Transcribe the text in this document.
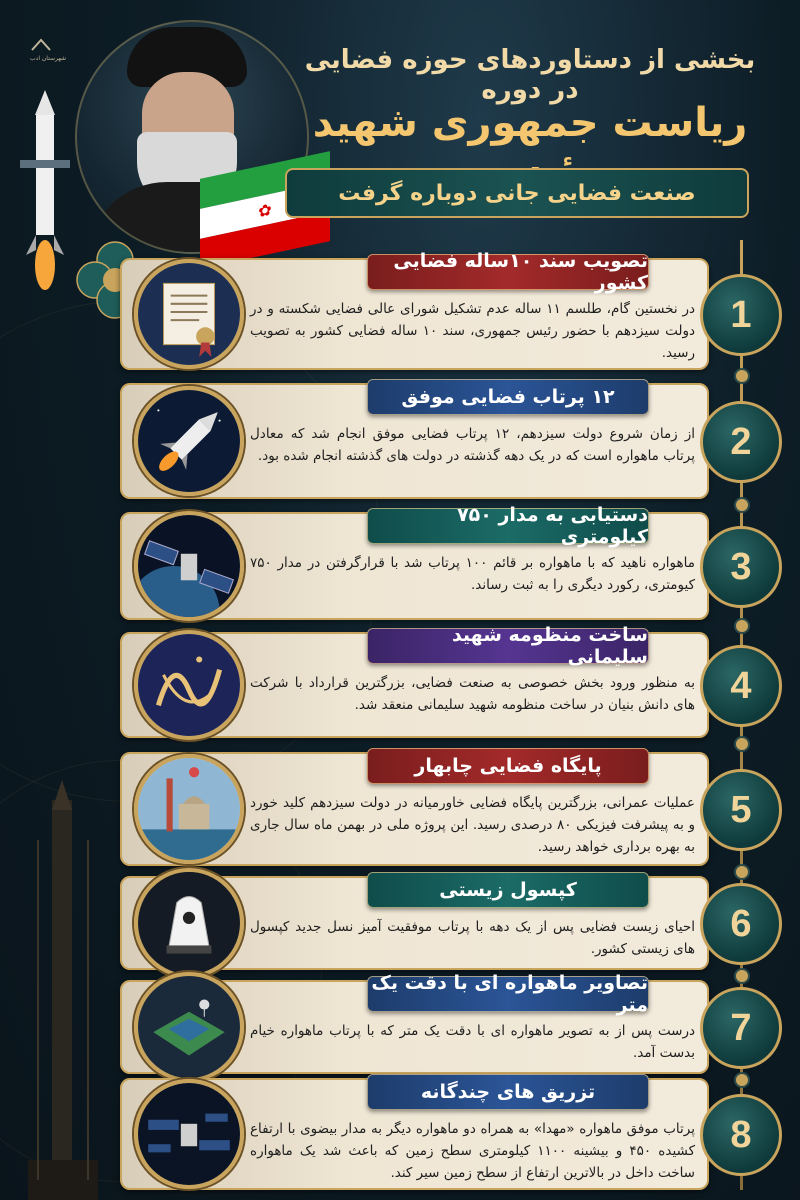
شهرستان ادب
✿
بخشی از دستاوردهای حوزه فضایی در دوره
ریاست جمهوری شهید
صنعت فضایی جانی دوباره گرفت
تصویب سند ۱۰ساله فضایی کشور
در نخستین گام، طلسم ۱۱ ساله عدم تشکیل شورای عالی فضایی شکسته و در دولت سیزدهم با حضور رئیس جمهوری، سند ۱۰ ساله فضایی کشور به تصویب رسید.
1
۱۲ پرتاب فضایی موفق
از زمان شروع دولت سیزدهم، ۱۲ پرتاب فضایی موفق انجام شد که معادل پرتاب ماهواره است که در یک دهه گذشته در دولت های گذشته انجام شده بود. 2
دستیابی به مدار ۷۵۰ کیلومتری
ماهواره ناهید که با ماهواره بر قائم ۱۰۰ پرتاب شد با قرارگرفتن در مدار ۷۵۰ کیومتری، رکورد دیگری را به ثبت رساند. 3
ساخت منظومه شهید سلیمانی
به منظور ورود بخش خصوصی به صنعت فضایی، بزرگترین قرارداد با شرکت های دانش بنیان در ساخت منظومه شهید سلیمانی منعقد شد. 4
پایگاه فضایی چابهار
عملیات عمرانی، بزرگترین پایگاه فضایی خاورمیانه در دولت سیزدهم کلید خورد و به پیشرفت فیزیکی ۸۰ درصدی رسید. این پروژه ملی در بهمن ماه سال جاری به بهره برداری خواهد رسید.
5
کپسول زیستی
احیای زیست فضایی پس از یک دهه با پرتاب موفقیت آمیز نسل جدید کپسول های زیستی کشور.
6
تصاویر ماهواره ای با دقت یک متر
درست پس از به تصویر ماهواره ای با دقت یک متر که با پرتاب ماهواره خیام بدست آمد.
7
تزریق های چندگانه
پرتاب موفق ماهواره «مهدا» به همراه دو ماهواره دیگر به مدار بیضوی با ارتفاع کشیده ۴۵۰ و بیشینه ۱۱۰۰ کیلومتری سطح زمین که باعث شد یک ماهواره ساخت داخل در بالاترین ارتفاع از سطح زمین سیر کند.
8
